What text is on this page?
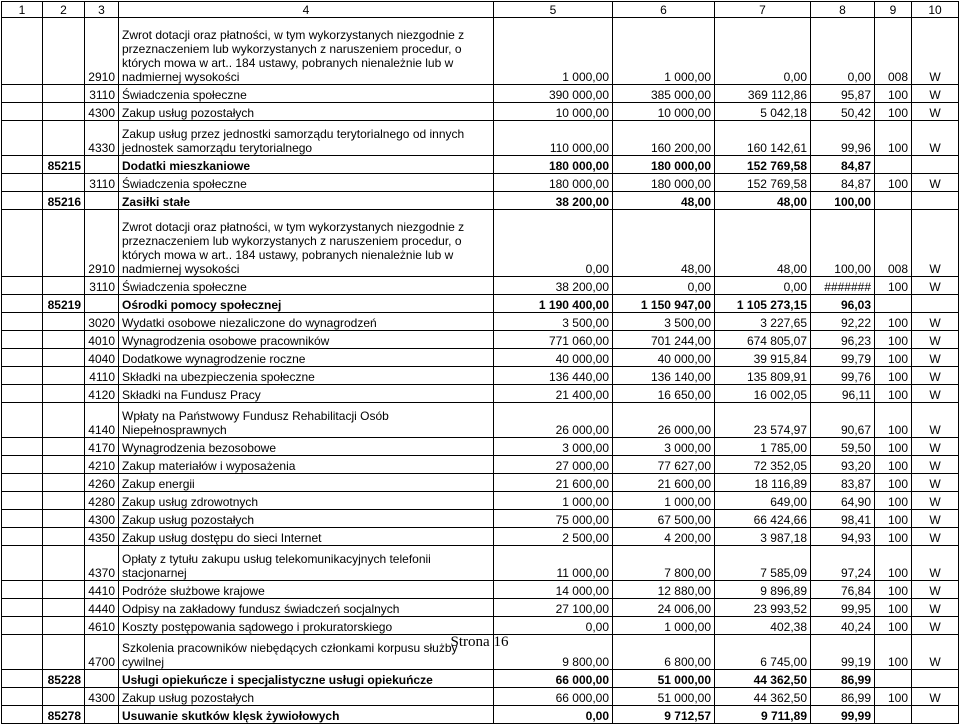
1	2	3	4	5	6	7	8	9	10
		2910	Zwrot dotacji oraz płatności, w tym wykorzystanych niezgodnie z przeznaczeniem lub wykorzystanych z naruszeniem procedur, o których mowa w art.. 184 ustawy, pobranych nienależnie lub w nadmiernej wysokości	1 000,00	1 000,00	0,00	0,00	008	W
		3110	Świadczenia społeczne	390 000,00	385 000,00	369 112,86	95,87	100	W
		4300	Zakup usług pozostałych	10 000,00	10 000,00	5 042,18	50,42	100	W
		4330	Zakup usług przez jednostki samorządu terytorialnego od innych jednostek samorządu terytorialnego	110 000,00	160 200,00	160 142,61	99,96	100	W
	85215		Dodatki mieszkaniowe	180 000,00	180 000,00	152 769,58	84,87		
		3110	Świadczenia społeczne	180 000,00	180 000,00	152 769,58	84,87	100	W
	85216		Zasiłki stałe	38 200,00	48,00	48,00	100,00		
		2910	Zwrot dotacji oraz płatności, w tym wykorzystanych niezgodnie z przeznaczeniem lub wykorzystanych z naruszeniem procedur, o których mowa w art.. 184 ustawy, pobranych nienależnie lub w nadmiernej wysokości	0,00	48,00	48,00	100,00	008	W
		3110	Świadczenia społeczne	38 200,00	0,00	0,00	#######	100	W
	85219		Ośrodki pomocy społecznej	1 190 400,00	1 150 947,00	1 105 273,15	96,03		
		3020	Wydatki osobowe niezaliczone do wynagrodzeń	3 500,00	3 500,00	3 227,65	92,22	100	W
		4010	Wynagrodzenia osobowe pracowników	771 060,00	701 244,00	674 805,07	96,23	100	W
		4040	Dodatkowe wynagrodzenie roczne	40 000,00	40 000,00	39 915,84	99,79	100	W
		4110	Składki na ubezpieczenia społeczne	136 440,00	136 140,00	135 809,91	99,76	100	W
		4120	Składki na Fundusz Pracy	21 400,00	16 650,00	16 002,05	96,11	100	W
		4140	Wpłaty na Państwowy Fundusz Rehabilitacji Osób Niepełnosprawnych	26 000,00	26 000,00	23 574,97	90,67	100	W
		4170	Wynagrodzenia bezosobowe	3 000,00	3 000,00	1 785,00	59,50	100	W
		4210	Zakup materiałów i wyposażenia	27 000,00	77 627,00	72 352,05	93,20	100	W
		4260	Zakup energii	21 600,00	21 600,00	18 116,89	83,87	100	W
		4280	Zakup usług zdrowotnych	1 000,00	1 000,00	649,00	64,90	100	W
		4300	Zakup usług pozostałych	75 000,00	67 500,00	66 424,66	98,41	100	W
		4350	Zakup usług dostępu do sieci Internet	2 500,00	4 200,00	3 987,18	94,93	100	W
		4370	Opłaty z tytułu zakupu usług telekomunikacyjnych telefonii stacjonarnej	11 000,00	7 800,00	7 585,09	97,24	100	W
		4410	Podróże służbowe krajowe	14 000,00	12 880,00	9 896,89	76,84	100	W
		4440	Odpisy na zakładowy fundusz świadczeń socjalnych	27 100,00	24 006,00	23 993,52	99,95	100	W
		4610	Koszty postępowania sądowego i prokuratorskiego	0,00	1 000,00	402,38	40,24	100	W
		4700	Szkolenia pracowników niebędących członkami korpusu służby cywilnej	9 800,00	6 800,00	6 745,00	99,19	100	W
	85228		Usługi opiekuńcze i specjalistyczne usługi opiekuńcze	66 000,00	51 000,00	44 362,50	86,99		
		4300	Zakup usług pozostałych	66 000,00	51 000,00	44 362,50	86,99	100	W
	85278		Usuwanie skutków klęsk żywiołowych	0,00	9 712,57	9 711,89	99,99		
Strona 16
